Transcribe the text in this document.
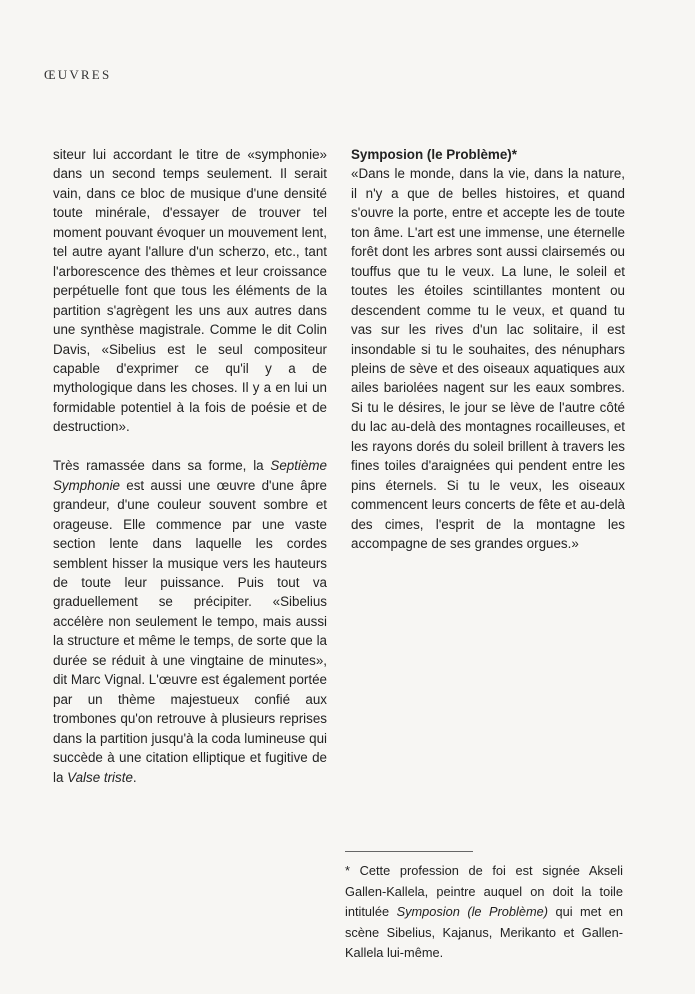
ŒUVRES

siteur lui accordant le titre de «symphonie» dans un second temps seulement. Il serait vain, dans ce bloc de musique d'une densité toute minérale, d'essayer de trouver tel moment pouvant évoquer un mouvement lent, tel autre ayant l'allure d'un scherzo, etc., tant l'arborescence des thèmes et leur croissance perpétuelle font que tous les éléments de la partition s'agrègent les uns aux autres dans une synthèse magistrale. Comme le dit Colin Davis, «Sibelius est le seul compositeur capable d'exprimer ce qu'il y a de mythologique dans les choses. Il y a en lui un formidable potentiel à la fois de poésie et de destruction».

Très ramassée dans sa forme, la Septième Symphonie est aussi une œuvre d'une âpre grandeur, d'une couleur souvent sombre et orageuse. Elle commence par une vaste section lente dans laquelle les cordes semblent hisser la musique vers les hauteurs de toute leur puissance. Puis tout va graduellement se précipiter. «Sibelius accélère non seulement le tempo, mais aussi la structure et même le temps, de sorte que la durée se réduit à une vingtaine de minutes», dit Marc Vignal. L'œuvre est également portée par un thème majestueux confié aux trombones qu'on retrouve à plusieurs reprises dans la partition jusqu'à la coda lumineuse qui succède à une citation elliptique et fugitive de la Valse triste.

Symposion (le Problème)*

«Dans le monde, dans la vie, dans la nature, il n'y a que de belles histoires, et quand s'ouvre la porte, entre et accepte les de toute ton âme. L'art est une immense, une éternelle forêt dont les arbres sont aussi clairsemés ou touffus que tu le veux. La lune, le soleil et toutes les étoiles scintillantes montent ou descendent comme tu le veux, et quand tu vas sur les rives d'un lac solitaire, il est insondable si tu le souhaites, des nénuphars pleins de sève et des oiseaux aquatiques aux ailes bariolées nagent sur les eaux sombres. Si tu le désires, le jour se lève de l'autre côté du lac au-delà des montagnes rocailleuses, et les rayons dorés du soleil brillent à travers les fines toiles d'araignées qui pendent entre les pins éternels. Si tu le veux, les oiseaux commencent leurs concerts de fête et au-delà des cimes, l'esprit de la montagne les accompagne de ses grandes orgues.»

* Cette profession de foi est signée Akseli Gallen-Kallela, peintre auquel on doit la toile intitulée Symposion (le Problème) qui met en scène Sibelius, Kajanus, Merikanto et Gallen-Kallela lui-même.
